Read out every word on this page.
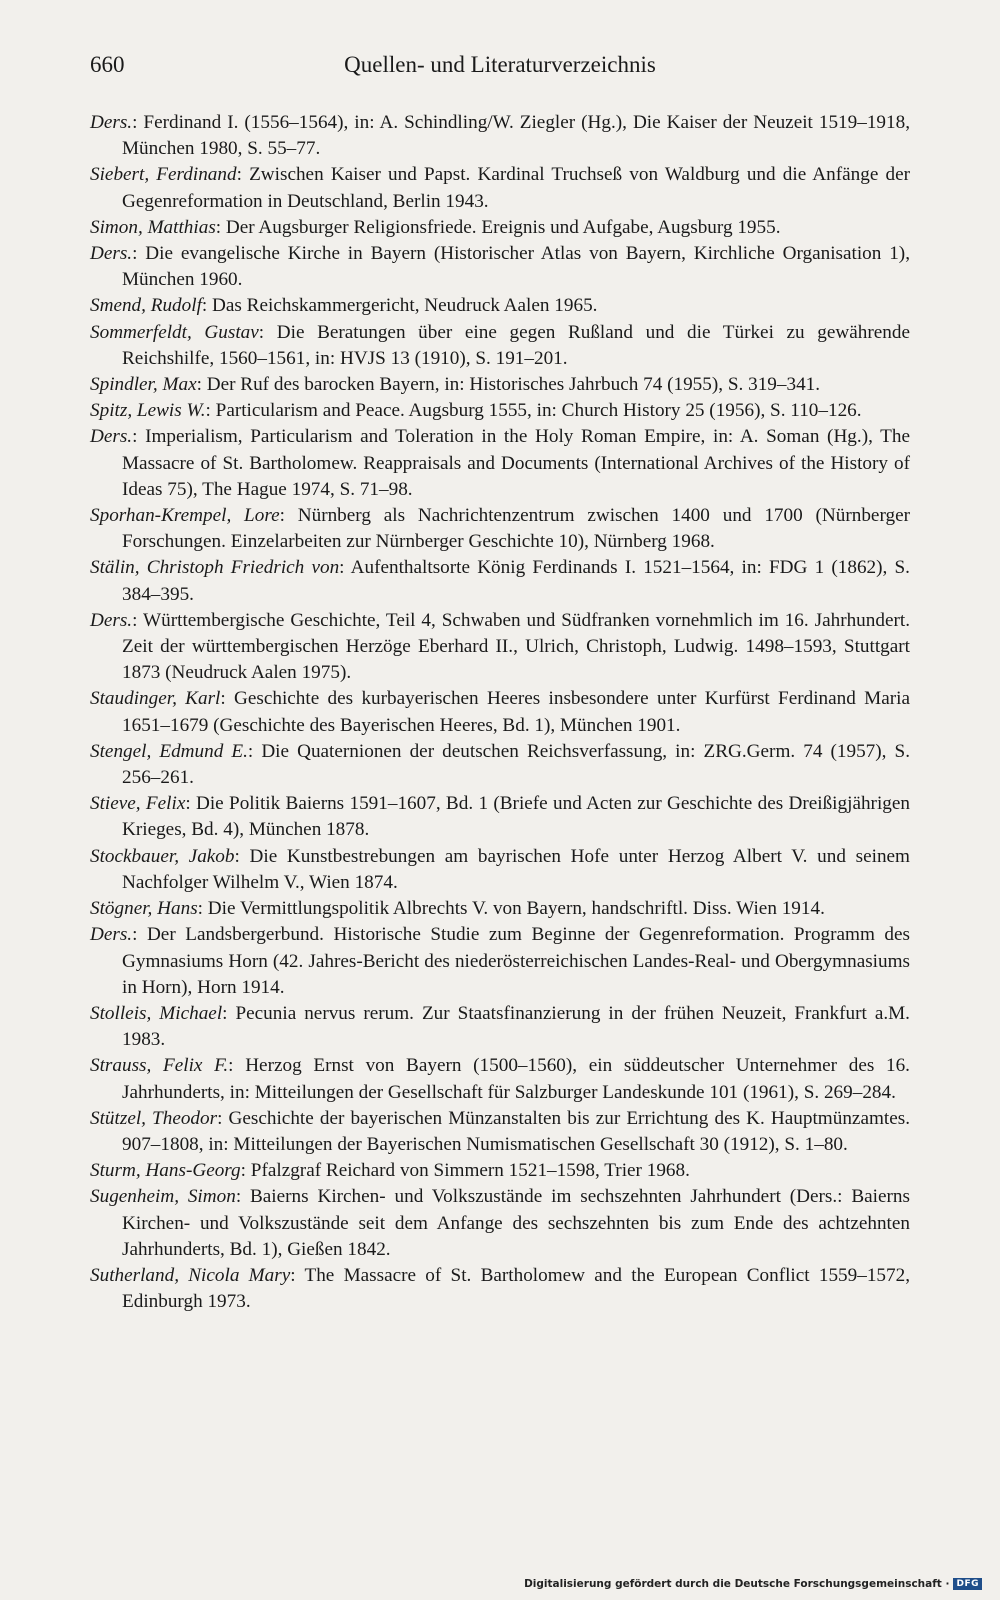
660	Quellen- und Literaturverzeichnis

Ders.: Ferdinand I. (1556–1564), in: A. Schindling/W. Ziegler (Hg.), Die Kaiser der Neuzeit 1519–1918, München 1980, S. 55–77.

Siebert, Ferdinand: Zwischen Kaiser und Papst. Kardinal Truchseß von Waldburg und die Anfänge der Gegenreformation in Deutschland, Berlin 1943.

Simon, Matthias: Der Augsburger Religionsfriede. Ereignis und Aufgabe, Augsburg 1955.

Ders.: Die evangelische Kirche in Bayern (Historischer Atlas von Bayern, Kirchliche Organisation 1), München 1960.

Smend, Rudolf: Das Reichskammergericht, Neudruck Aalen 1965.

Sommerfeldt, Gustav: Die Beratungen über eine gegen Rußland und die Türkei zu gewährende Reichshilfe, 1560–1561, in: HVJS 13 (1910), S. 191–201.

Spindler, Max: Der Ruf des barocken Bayern, in: Historisches Jahrbuch 74 (1955), S. 319–341.

Spitz, Lewis W.: Particularism and Peace. Augsburg 1555, in: Church History 25 (1956), S. 110–126.

Ders.: Imperialism, Particularism and Toleration in the Holy Roman Empire, in: A. Soman (Hg.), The Massacre of St. Bartholomew. Reappraisals and Documents (International Archives of the History of Ideas 75), The Hague 1974, S. 71–98.

Sporhan-Krempel, Lore: Nürnberg als Nachrichtenzentrum zwischen 1400 und 1700 (Nürnberger Forschungen. Einzelarbeiten zur Nürnberger Geschichte 10), Nürnberg 1968.

Stälin, Christoph Friedrich von: Aufenthaltsorte König Ferdinands I. 1521–1564, in: FDG 1 (1862), S. 384–395.

Ders.: Württembergische Geschichte, Teil 4, Schwaben und Südfranken vornehmlich im 16. Jahrhundert. Zeit der württembergischen Herzöge Eberhard II., Ulrich, Christoph, Ludwig. 1498–1593, Stuttgart 1873 (Neudruck Aalen 1975).

Staudinger, Karl: Geschichte des kurbayerischen Heeres insbesondere unter Kurfürst Ferdinand Maria 1651–1679 (Geschichte des Bayerischen Heeres, Bd. 1), München 1901.

Stengel, Edmund E.: Die Quaternionen der deutschen Reichsverfassung, in: ZRG.Germ. 74 (1957), S. 256–261.

Stieve, Felix: Die Politik Baierns 1591–1607, Bd. 1 (Briefe und Acten zur Geschichte des Dreißigjährigen Krieges, Bd. 4), München 1878.

Stockbauer, Jakob: Die Kunstbestrebungen am bayrischen Hofe unter Herzog Albert V. und seinem Nachfolger Wilhelm V., Wien 1874.

Stögner, Hans: Die Vermittlungspolitik Albrechts V. von Bayern, handschriftl. Diss. Wien 1914.

Ders.: Der Landsbergerbund. Historische Studie zum Beginne der Gegenreformation. Programm des Gymnasiums Horn (42. Jahres-Bericht des niederösterreichischen Landes-Real- und Obergymnasiums in Horn), Horn 1914.

Stolleis, Michael: Pecunia nervus rerum. Zur Staatsfinanzierung in der frühen Neuzeit, Frankfurt a.M. 1983.

Strauss, Felix F.: Herzog Ernst von Bayern (1500–1560), ein süddeutscher Unternehmer des 16. Jahrhunderts, in: Mitteilungen der Gesellschaft für Salzburger Landeskunde 101 (1961), S. 269–284.

Stützel, Theodor: Geschichte der bayerischen Münzanstalten bis zur Errichtung des K. Hauptmünzamtes. 907–1808, in: Mitteilungen der Bayerischen Numismatischen Gesellschaft 30 (1912), S. 1–80.

Sturm, Hans-Georg: Pfalzgraf Reichard von Simmern 1521–1598, Trier 1968.

Sugenheim, Simon: Baierns Kirchen- und Volkszustände im sechszehnten Jahrhundert (Ders.: Baierns Kirchen- und Volkszustände seit dem Anfange des sechszehnten bis zum Ende des achtzehnten Jahrhunderts, Bd. 1), Gießen 1842.

Sutherland, Nicola Mary: The Massacre of St. Bartholomew and the European Conflict 1559–1572, Edinburgh 1973.

Digitalisierung gefördert durch die Deutsche Forschungsgemeinschaft · DFG
